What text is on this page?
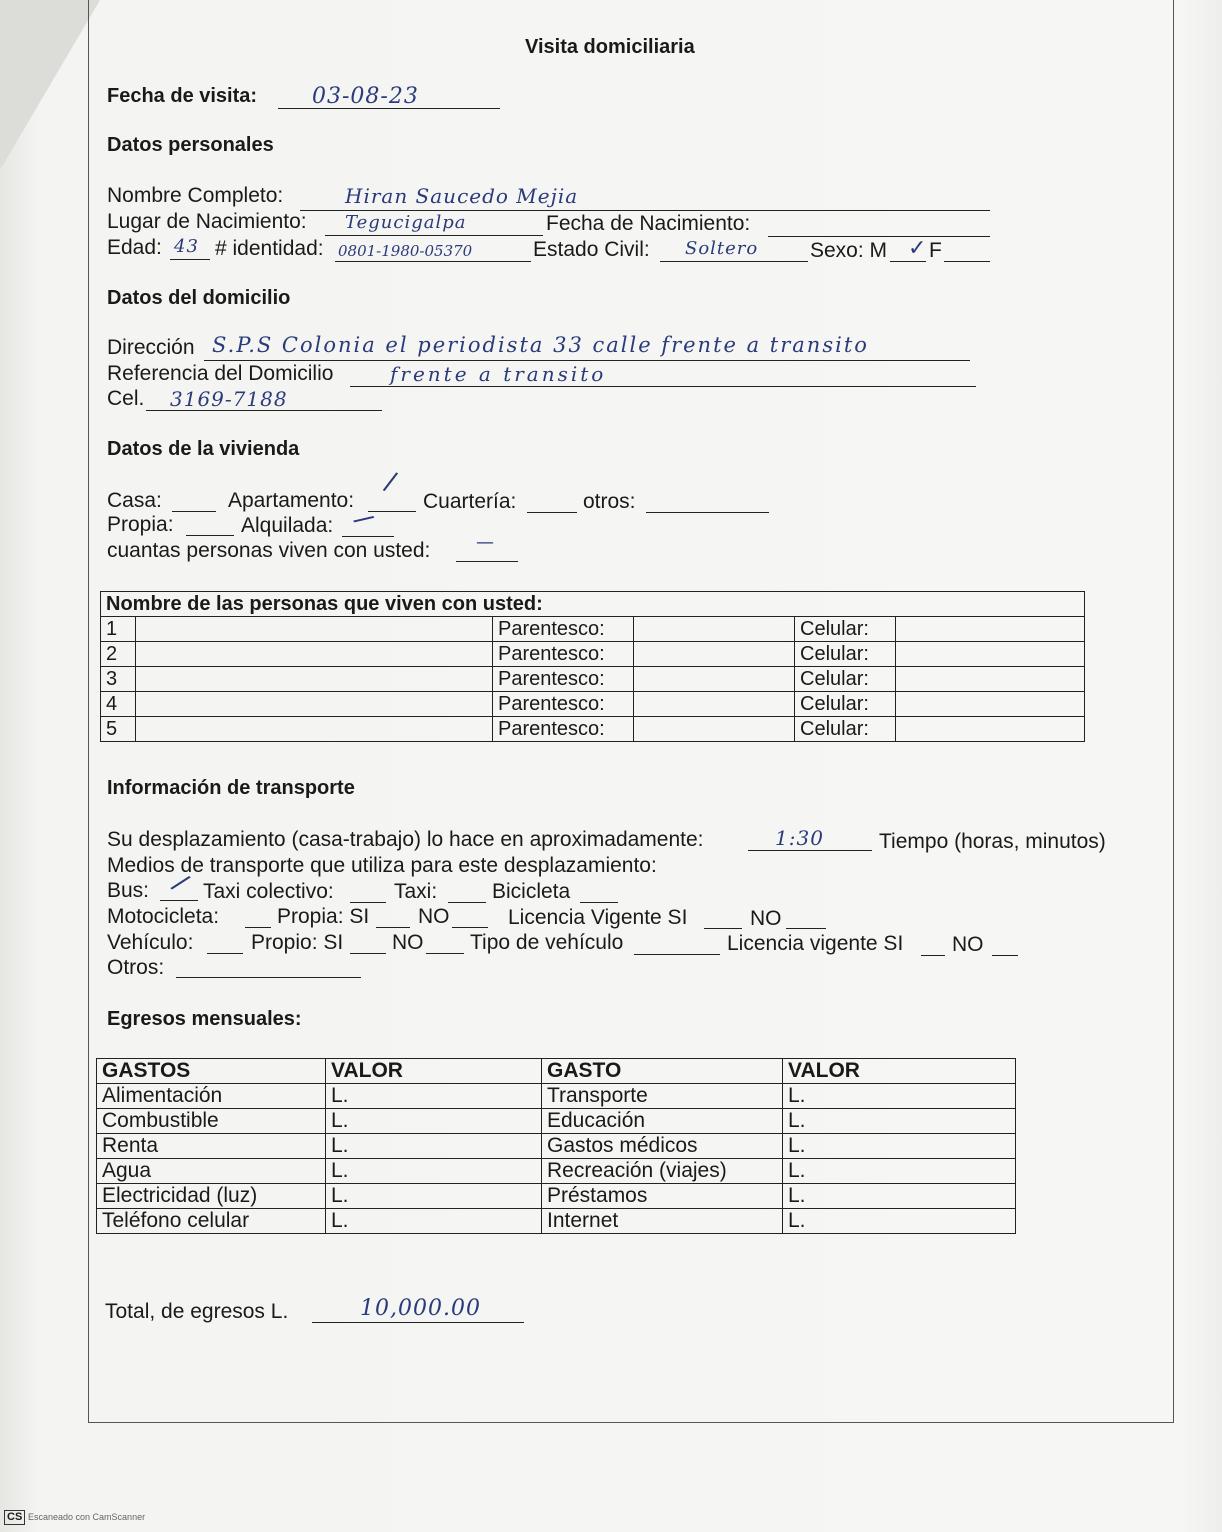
Visita domiciliaria
Fecha de visita: 03-08-23
Datos personales
Nombre Completo:	Hiran Saucedo Mejia
Lugar de Nacimiento: Tegucigalpa	Fecha de Nacimiento:
Edad: 43 # identidad: 0801-1980-05370	Estado Civil: Soltero Sexo: M ✓ F
Datos del domicilio
Dirección S.P.S Colonia el periodista 33 calle frente a transito
Referencia del Domicilio	frente a transito
Cel. 3169-7188
Datos de la vivienda
Casa:	Apartamento:
/
Cuartería:	otros:
Propia:	Alquilada: /
cuantas personas viven con usted:	—
Nombre de las personas que viven con usted:				
1		Parentesco:		Celular:
2		Parentesco:		Celular:
3		Parentesco:		Celular:
4		Parentesco:		Celular:
5		Parentesco:		Celular:
Información de transporte
Su desplazamiento (casa-trabajo) lo hace en aproximadamente:	1:30	Tiempo (horas, minutos)
Medios de transporte que utiliza para este desplazamiento:
Bus: / Taxi colectivo:	Taxi:	Bicicleta
Motocicleta:	Propia: SI NO	Licencia Vigente SI	NO
Vehículo:	Propio: SI NO Tipo de vehículo	Licencia vigente SI NO
Otros:
Egresos mensuales:
GASTOS	VALOR	GASTO	VALOR
Alimentación	L.	Transporte	L.
Combustible	L.	Educación	L.
Renta	L.	Gastos médicos	L.
Agua	L.	Recreación (viajes)	L.
Electricidad (luz)	L.	Préstamos	L.
Teléfono celular	L.	Internet	L.
Total, de egresos L.	10,000.00
CS Escaneado con CamScanner
